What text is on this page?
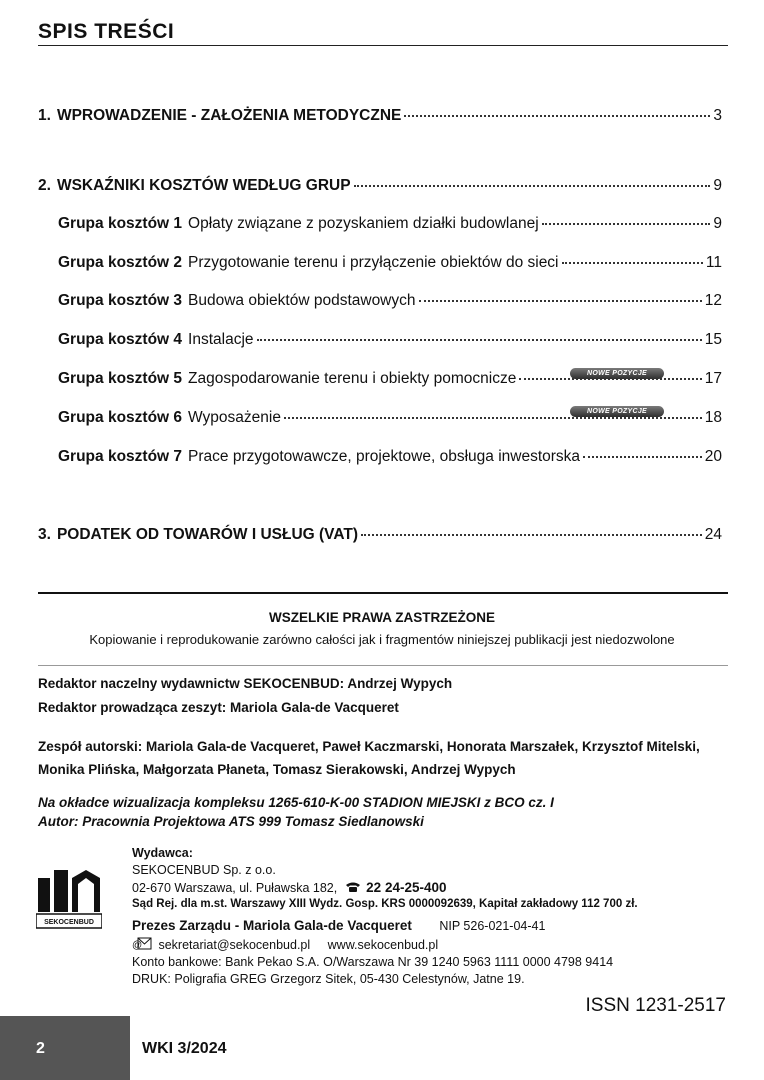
SPIS TREŚCI
1. WPROWADZENIE - ZAŁOŻENIA METODYCZNE	3
2. WSKAŹNIKI KOSZTÓW WEDŁUG GRUP	9
Grupa kosztów 1 Opłaty związane z pozyskaniem działki budowlanej	9
Grupa kosztów 2 Przygotowanie terenu i przyłączenie obiektów do sieci	11
Grupa kosztów 3 Budowa obiektów podstawowych	12
Grupa kosztów 4 Instalacje	15
Grupa kosztów 5 Zagospodarowanie terenu i obiekty pomocnicze	17
NOWE POZYCJE
Grupa kosztów 6 Wyposażenie	18
NOWE POZYCJE
Grupa kosztów 7 Prace przygotowawcze, projektowe, obsługa inwestorska	20
3. PODATEK OD TOWARÓW I USŁUG (VAT)	24
WSZELKIE PRAWA ZASTRZEŻONE
Kopiowanie i reprodukowanie zarówno całości jak i fragmentów niniejszej publikacji jest niedozwolone
Redaktor naczelny wydawnictw SEKOCENBUD: Andrzej Wypych
Redaktor prowadząca zeszyt: Mariola Gala-de Vacqueret
Zespół autorski: Mariola Gala-de Vacqueret, Paweł Kaczmarski, Honorata Marszałek, Krzysztof Mitelski,
Monika Plińska, Małgorzata Płaneta, Tomasz Sierakowski, Andrzej Wypych
Na okładce wizualizacja kompleksu 1265-610-K-00 STADION MIEJSKI z BCO cz. I
Autor: Pracownia Projektowa ATS 999 Tomasz Siedlanowski
SEKOCENBUD
Wydawca:
SEKOCENBUD Sp. z o.o.
02-670 Warszawa, ul. Puławska 182, 22 24-25-400
Sąd Rej. dla m.st. Warszawy XIII Wydz. Gosp. KRS 0000092639, Kapitał zakładowy 112 700 zł.
Prezes Zarządu - Mariola Gala-de Vacqueret NIP 526-021-04-41
@ sekretariat@sekocenbud.pl www.sekocenbud.pl
Konto bankowe: Bank Pekao S.A. O/Warszawa Nr 39 1240 5963 1111 0000 4798 9414
DRUK: Poligrafia GREG Grzegorz Sitek, 05-430 Celestynów, Jatne 19.
ISSN 1231-2517
2	WKI 3/2024
